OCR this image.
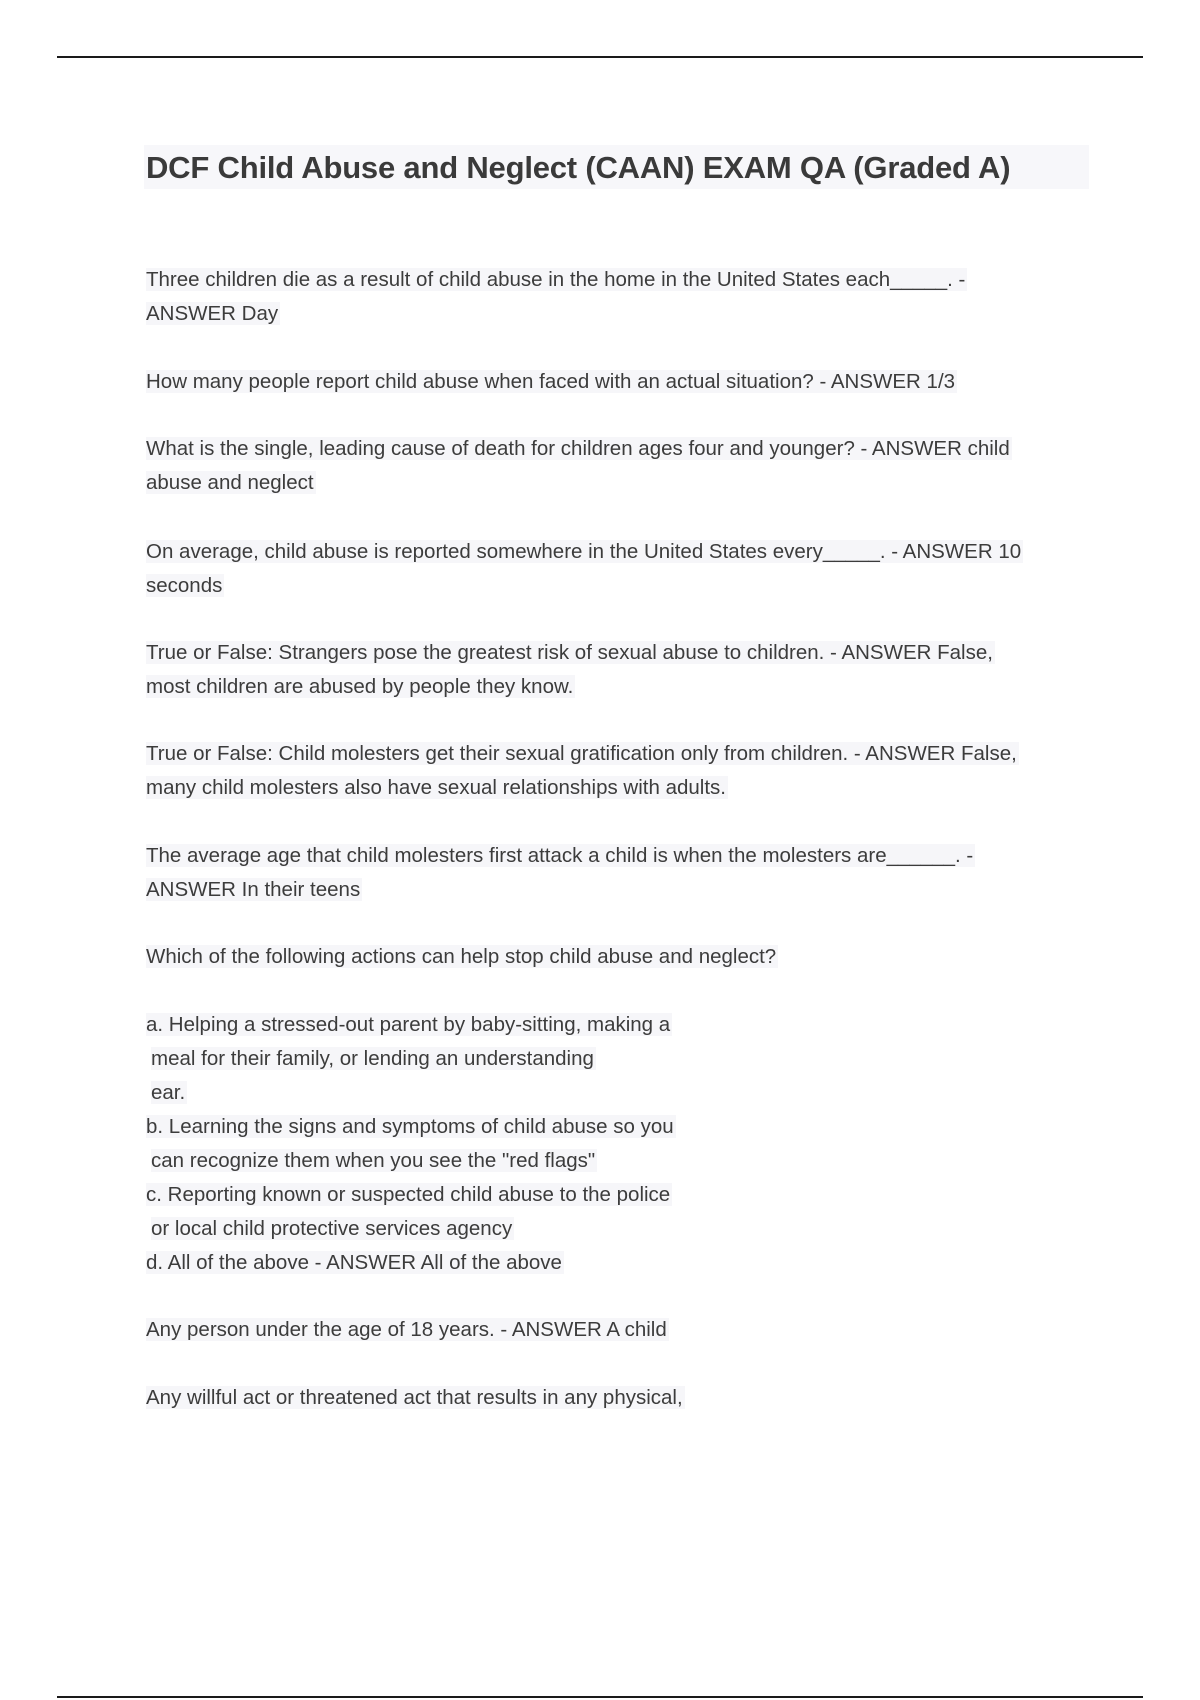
DCF Child Abuse and Neglect (CAAN) EXAM QA (Graded A)
Three children die as a result of child abuse in the home in the United States each_____. -
ANSWER Day
How many people report child abuse when faced with an actual situation? - ANSWER 1/3
What is the single, leading cause of death for children ages four and younger? - ANSWER child
abuse and neglect
On average, child abuse is reported somewhere in the United States every_____. - ANSWER 10
seconds
True or False: Strangers pose the greatest risk of sexual abuse to children. - ANSWER False,
most children are abused by people they know.
True or False: Child molesters get their sexual gratification only from children. - ANSWER False,
many child molesters also have sexual relationships with adults.
The average age that child molesters first attack a child is when the molesters are______. -
ANSWER In their teens
Which of the following actions can help stop child abuse and neglect?
a. Helping a stressed-out parent by baby-sitting, making a
meal for their family, or lending an understanding
ear.
b. Learning the signs and symptoms of child abuse so you
can recognize them when you see the "red flags"
c. Reporting known or suspected child abuse to the police
or local child protective services agency
d. All of the above - ANSWER All of the above
Any person under the age of 18 years. - ANSWER A child
Any willful act or threatened act that results in any physical,
